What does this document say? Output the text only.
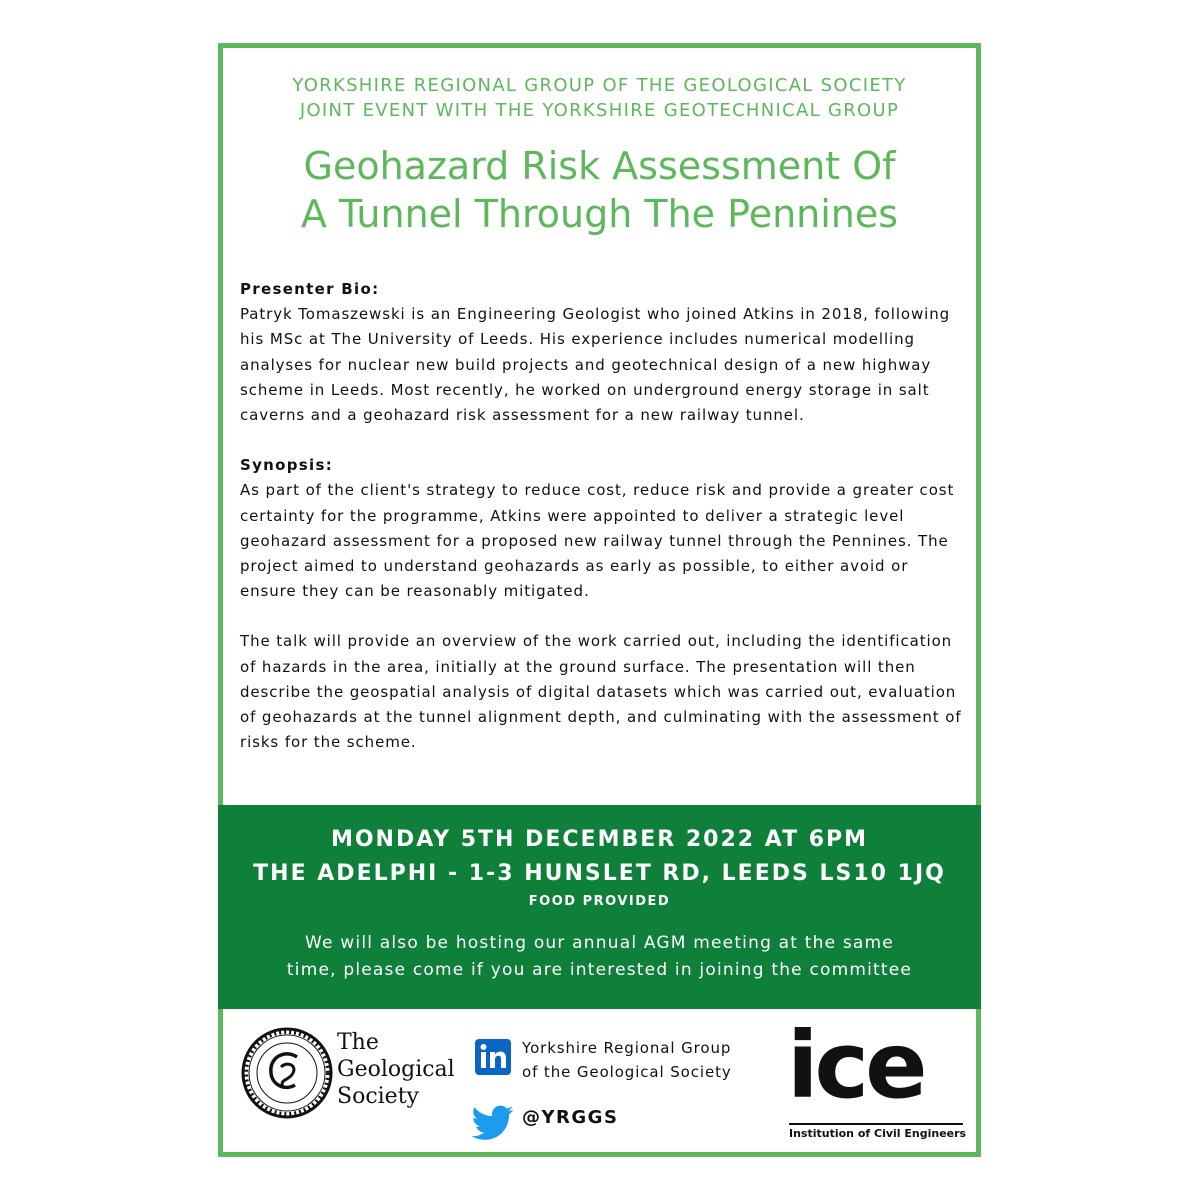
YORKSHIRE REGIONAL GROUP OF THE GEOLOGICAL SOCIETY
JOINT EVENT WITH THE YORKSHIRE GEOTECHNICAL GROUP
Geohazard Risk Assessment Of
A Tunnel Through The Pennines
Presenter Bio:

Patryk Tomaszewski is an Engineering Geologist who joined Atkins in 2018, following his MSc at The University of Leeds. His experience includes numerical modelling analyses for nuclear new build projects and geotechnical design of a new highway scheme in Leeds. Most recently, he worked on underground energy storage in salt caverns and a geohazard risk assessment for a new railway tunnel.

Synopsis:

As part of the client's strategy to reduce cost, reduce risk and provide a greater cost certainty for the programme, Atkins were appointed to deliver a strategic level geohazard assessment for a proposed new railway tunnel through the Pennines. The project aimed to understand geohazards as early as possible, to either avoid or ensure they can be reasonably mitigated.

The talk will provide an overview of the work carried out, including the identification of hazards in the area, initially at the ground surface. The presentation will then describe the geospatial analysis of digital datasets which was carried out, evaluation of geohazards at the tunnel alignment depth, and culminating with the assessment of risks for the scheme.

MONDAY 5TH DECEMBER 2022 AT 6PM
THE ADELPHI - 1-3 HUNSLET RD, LEEDS LS10 1JQ
FOOD PROVIDED
We will also be hosting our annual AGM meeting at the same
time, please come if you are interested in joining the committee
The
Geological
Society
Yorkshire Regional Group
of the Geological Society
@YRGGS ice
Institution of Civil Engineers
